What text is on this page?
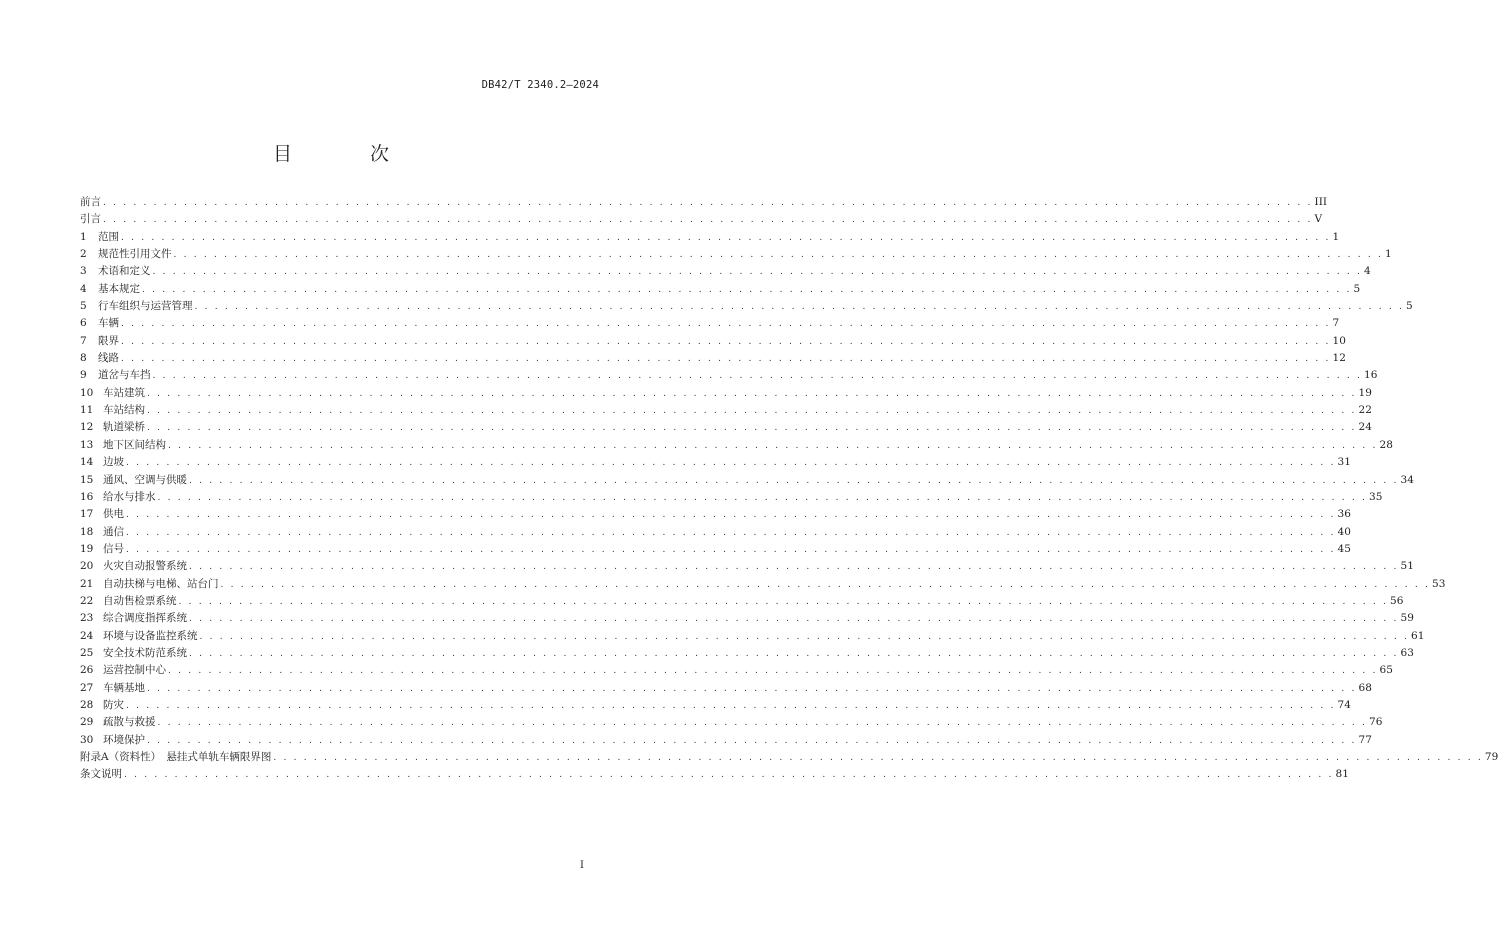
DB42/T 2340.2—2024
目 次
前言 . . . . . . . . . . . . . . . . . . . . . . . . . . . . . . . . . . . . . . . . . . . . . . . . . . . . . . . . . . . . . . . . . . . . . . . . . . . . . . . . . . . . . . . . . . . . . . . . . . . . . . . . . . . . . . . . . . . . . . . . III
引言 . . . . . . . . . . . . . . . . . . . . . . . . . . . . . . . . . . . . . . . . . . . . . . . . . . . . . . . . . . . . . . . . . . . . . . . . . . . . . . . . . . . . . . . . . . . . . . . . . . . . . . . . . . . . . . . . . . . . . . . . V
1	范围 . . . . . . . . . . . . . . . . . . . . . . . . . . . . . . . . . . . . . . . . . . . . . . . . . . . . . . . . . . . . . . . . . . . . . . . . . . . . . . . . . . . . . . . . . . . . . . . . . . . . . . . . . . . . . . . . . . . . . . . . 1
2	规范性引用文件 . . . . . . . . . . . . . . . . . . . . . . . . . . . . . . . . . . . . . . . . . . . . . . . . . . . . . . . . . . . . . . . . . . . . . . . . . . . . . . . . . . . . . . . . . . . . . . . . . . . . . . . . . . . . . . . . . . . . . . . . 1
3	术语和定义 . . . . . . . . . . . . . . . . . . . . . . . . . . . . . . . . . . . . . . . . . . . . . . . . . . . . . . . . . . . . . . . . . . . . . . . . . . . . . . . . . . . . . . . . . . . . . . . . . . . . . . . . . . . . . . . . . . . . . . . . 4
4	基本规定 . . . . . . . . . . . . . . . . . . . . . . . . . . . . . . . . . . . . . . . . . . . . . . . . . . . . . . . . . . . . . . . . . . . . . . . . . . . . . . . . . . . . . . . . . . . . . . . . . . . . . . . . . . . . . . . . . . . . . . . . 5
5	行车组织与运营管理 . . . . . . . . . . . . . . . . . . . . . . . . . . . . . . . . . . . . . . . . . . . . . . . . . . . . . . . . . . . . . . . . . . . . . . . . . . . . . . . . . . . . . . . . . . . . . . . . . . . . . . . . . . . . . . . . . . . . . . . . 5
6	车辆 . . . . . . . . . . . . . . . . . . . . . . . . . . . . . . . . . . . . . . . . . . . . . . . . . . . . . . . . . . . . . . . . . . . . . . . . . . . . . . . . . . . . . . . . . . . . . . . . . . . . . . . . . . . . . . . . . . . . . . . . 7
7	限界 . . . . . . . . . . . . . . . . . . . . . . . . . . . . . . . . . . . . . . . . . . . . . . . . . . . . . . . . . . . . . . . . . . . . . . . . . . . . . . . . . . . . . . . . . . . . . . . . . . . . . . . . . . . . . . . . . . . . . . . . 10
8	线路 . . . . . . . . . . . . . . . . . . . . . . . . . . . . . . . . . . . . . . . . . . . . . . . . . . . . . . . . . . . . . . . . . . . . . . . . . . . . . . . . . . . . . . . . . . . . . . . . . . . . . . . . . . . . . . . . . . . . . . . . 12
9	道岔与车挡 . . . . . . . . . . . . . . . . . . . . . . . . . . . . . . . . . . . . . . . . . . . . . . . . . . . . . . . . . . . . . . . . . . . . . . . . . . . . . . . . . . . . . . . . . . . . . . . . . . . . . . . . . . . . . . . . . . . . . . . . 16
10 车站建筑 . . . . . . . . . . . . . . . . . . . . . . . . . . . . . . . . . . . . . . . . . . . . . . . . . . . . . . . . . . . . . . . . . . . . . . . . . . . . . . . . . . . . . . . . . . . . . . . . . . . . . . . . . . . . . . . . . . . . . . . . 19
11 车站结构 . . . . . . . . . . . . . . . . . . . . . . . . . . . . . . . . . . . . . . . . . . . . . . . . . . . . . . . . . . . . . . . . . . . . . . . . . . . . . . . . . . . . . . . . . . . . . . . . . . . . . . . . . . . . . . . . . . . . . . . . 22
12 轨道梁桥 . . . . . . . . . . . . . . . . . . . . . . . . . . . . . . . . . . . . . . . . . . . . . . . . . . . . . . . . . . . . . . . . . . . . . . . . . . . . . . . . . . . . . . . . . . . . . . . . . . . . . . . . . . . . . . . . . . . . . . . . 24
13 地下区间结构 . . . . . . . . . . . . . . . . . . . . . . . . . . . . . . . . . . . . . . . . . . . . . . . . . . . . . . . . . . . . . . . . . . . . . . . . . . . . . . . . . . . . . . . . . . . . . . . . . . . . . . . . . . . . . . . . . . . . . . . . 28
14 边坡 . . . . . . . . . . . . . . . . . . . . . . . . . . . . . . . . . . . . . . . . . . . . . . . . . . . . . . . . . . . . . . . . . . . . . . . . . . . . . . . . . . . . . . . . . . . . . . . . . . . . . . . . . . . . . . . . . . . . . . . . 31
15 通风、空调与供暖 . . . . . . . . . . . . . . . . . . . . . . . . . . . . . . . . . . . . . . . . . . . . . . . . . . . . . . . . . . . . . . . . . . . . . . . . . . . . . . . . . . . . . . . . . . . . . . . . . . . . . . . . . . . . . . . . . . . . . . . . 34
16 给水与排水 . . . . . . . . . . . . . . . . . . . . . . . . . . . . . . . . . . . . . . . . . . . . . . . . . . . . . . . . . . . . . . . . . . . . . . . . . . . . . . . . . . . . . . . . . . . . . . . . . . . . . . . . . . . . . . . . . . . . . . . . 35
17 供电 . . . . . . . . . . . . . . . . . . . . . . . . . . . . . . . . . . . . . . . . . . . . . . . . . . . . . . . . . . . . . . . . . . . . . . . . . . . . . . . . . . . . . . . . . . . . . . . . . . . . . . . . . . . . . . . . . . . . . . . . 36
18 通信 . . . . . . . . . . . . . . . . . . . . . . . . . . . . . . . . . . . . . . . . . . . . . . . . . . . . . . . . . . . . . . . . . . . . . . . . . . . . . . . . . . . . . . . . . . . . . . . . . . . . . . . . . . . . . . . . . . . . . . . . 40
19 信号 . . . . . . . . . . . . . . . . . . . . . . . . . . . . . . . . . . . . . . . . . . . . . . . . . . . . . . . . . . . . . . . . . . . . . . . . . . . . . . . . . . . . . . . . . . . . . . . . . . . . . . . . . . . . . . . . . . . . . . . . 45
20 火灾自动报警系统 . . . . . . . . . . . . . . . . . . . . . . . . . . . . . . . . . . . . . . . . . . . . . . . . . . . . . . . . . . . . . . . . . . . . . . . . . . . . . . . . . . . . . . . . . . . . . . . . . . . . . . . . . . . . . . . . . . . . . . . . 51
21 自动扶梯与电梯、站台门 . . . . . . . . . . . . . . . . . . . . . . . . . . . . . . . . . . . . . . . . . . . . . . . . . . . . . . . . . . . . . . . . . . . . . . . . . . . . . . . . . . . . . . . . . . . . . . . . . . . . . . . . . . . . . . . . . . . . . . . . 53
22 自动售检票系统 . . . . . . . . . . . . . . . . . . . . . . . . . . . . . . . . . . . . . . . . . . . . . . . . . . . . . . . . . . . . . . . . . . . . . . . . . . . . . . . . . . . . . . . . . . . . . . . . . . . . . . . . . . . . . . . . . . . . . . . . 56
23 综合调度指挥系统 . . . . . . . . . . . . . . . . . . . . . . . . . . . . . . . . . . . . . . . . . . . . . . . . . . . . . . . . . . . . . . . . . . . . . . . . . . . . . . . . . . . . . . . . . . . . . . . . . . . . . . . . . . . . . . . . . . . . . . . . 59
24 环境与设备监控系统 . . . . . . . . . . . . . . . . . . . . . . . . . . . . . . . . . . . . . . . . . . . . . . . . . . . . . . . . . . . . . . . . . . . . . . . . . . . . . . . . . . . . . . . . . . . . . . . . . . . . . . . . . . . . . . . . . . . . . . . . 61
25 安全技术防范系统 . . . . . . . . . . . . . . . . . . . . . . . . . . . . . . . . . . . . . . . . . . . . . . . . . . . . . . . . . . . . . . . . . . . . . . . . . . . . . . . . . . . . . . . . . . . . . . . . . . . . . . . . . . . . . . . . . . . . . . . . 63
26 运营控制中心 . . . . . . . . . . . . . . . . . . . . . . . . . . . . . . . . . . . . . . . . . . . . . . . . . . . . . . . . . . . . . . . . . . . . . . . . . . . . . . . . . . . . . . . . . . . . . . . . . . . . . . . . . . . . . . . . . . . . . . . . 65
27 车辆基地 . . . . . . . . . . . . . . . . . . . . . . . . . . . . . . . . . . . . . . . . . . . . . . . . . . . . . . . . . . . . . . . . . . . . . . . . . . . . . . . . . . . . . . . . . . . . . . . . . . . . . . . . . . . . . . . . . . . . . . . . 68
28 防灾 . . . . . . . . . . . . . . . . . . . . . . . . . . . . . . . . . . . . . . . . . . . . . . . . . . . . . . . . . . . . . . . . . . . . . . . . . . . . . . . . . . . . . . . . . . . . . . . . . . . . . . . . . . . . . . . . . . . . . . . . 74
29 疏散与救援 . . . . . . . . . . . . . . . . . . . . . . . . . . . . . . . . . . . . . . . . . . . . . . . . . . . . . . . . . . . . . . . . . . . . . . . . . . . . . . . . . . . . . . . . . . . . . . . . . . . . . . . . . . . . . . . . . . . . . . . . 76
30 环境保护 . . . . . . . . . . . . . . . . . . . . . . . . . . . . . . . . . . . . . . . . . . . . . . . . . . . . . . . . . . . . . . . . . . . . . . . . . . . . . . . . . . . . . . . . . . . . . . . . . . . . . . . . . . . . . . . . . . . . . . . . 77
附录A（资料性）　悬挂式单轨车辆限界图 . . . . . . . . . . . . . . . . . . . . . . . . . . . . . . . . . . . . . . . . . . . . . . . . . . . . . . . . . . . . . . . . . . . . . . . . . . . . . . . . . . . . . . . . . . . . . . . . . . . . . . . . . . . . . . . . . . . . . . . . 79
条文说明 . . . . . . . . . . . . . . . . . . . . . . . . . . . . . . . . . . . . . . . . . . . . . . . . . . . . . . . . . . . . . . . . . . . . . . . . . . . . . . . . . . . . . . . . . . . . . . . . . . . . . . . . . . . . . . . . . . . . . . . . 81
I
